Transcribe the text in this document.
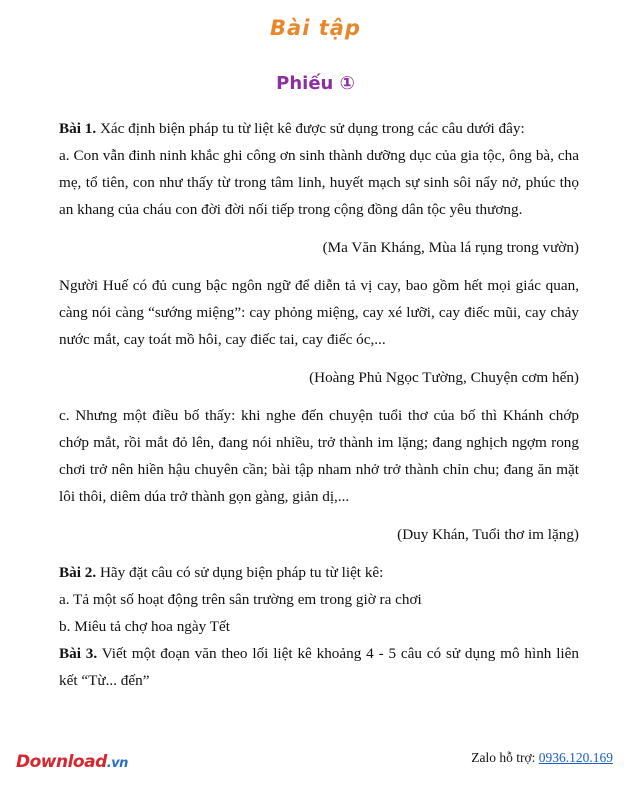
Bài tập
Phiếu ①

Bài 1. Xác định biện pháp tu từ liệt kê được sử dụng trong các câu dưới đây:

a. Con vẫn đinh ninh khắc ghi công ơn sinh thành dưỡng dục của gia tộc, ông bà, cha mẹ, tổ tiên, con như thấy từ trong tâm linh, huyết mạch sự sinh sôi nẩy nở, phúc thọ an khang của cháu con đời đời nối tiếp trong cộng đồng dân tộc yêu thương.

(Ma Văn Kháng, Mùa lá rụng trong vườn)

Người Huế có đủ cung bậc ngôn ngữ để diễn tả vị cay, bao gồm hết mọi giác quan, càng nói càng “sướng miệng”: cay phỏng miệng, cay xé lưỡi, cay điếc mũi, cay chảy nước mắt, cay toát mồ hôi, cay điếc tai, cay điếc óc,...

(Hoàng Phủ Ngọc Tường, Chuyện cơm hến)

c. Nhưng một điều bố thấy: khi nghe đến chuyện tuổi thơ của bố thì Khánh chớp chớp mắt, rồi mắt đỏ lên, đang nói nhiều, trở thành im lặng; đang nghịch ngợm rong chơi trở nên hiền hậu chuyên cần; bài tập nham nhở trở thành chỉn chu; đang ăn mặt lôi thôi, diêm dúa trở thành gọn gàng, giản dị,...

(Duy Khán, Tuổi thơ im lặng)

Bài 2. Hãy đặt câu có sử dụng biện pháp tu từ liệt kê:

a. Tả một số hoạt động trên sân trường em trong giờ ra chơi

b. Miêu tả chợ hoa ngày Tết

Bài 3. Viết một đoạn văn theo lối liệt kê khoảng 4 - 5 câu có sử dụng mô hình liên kết “Từ... đến”

Download.vn	Zalo hỗ trợ: 0936.120.169
